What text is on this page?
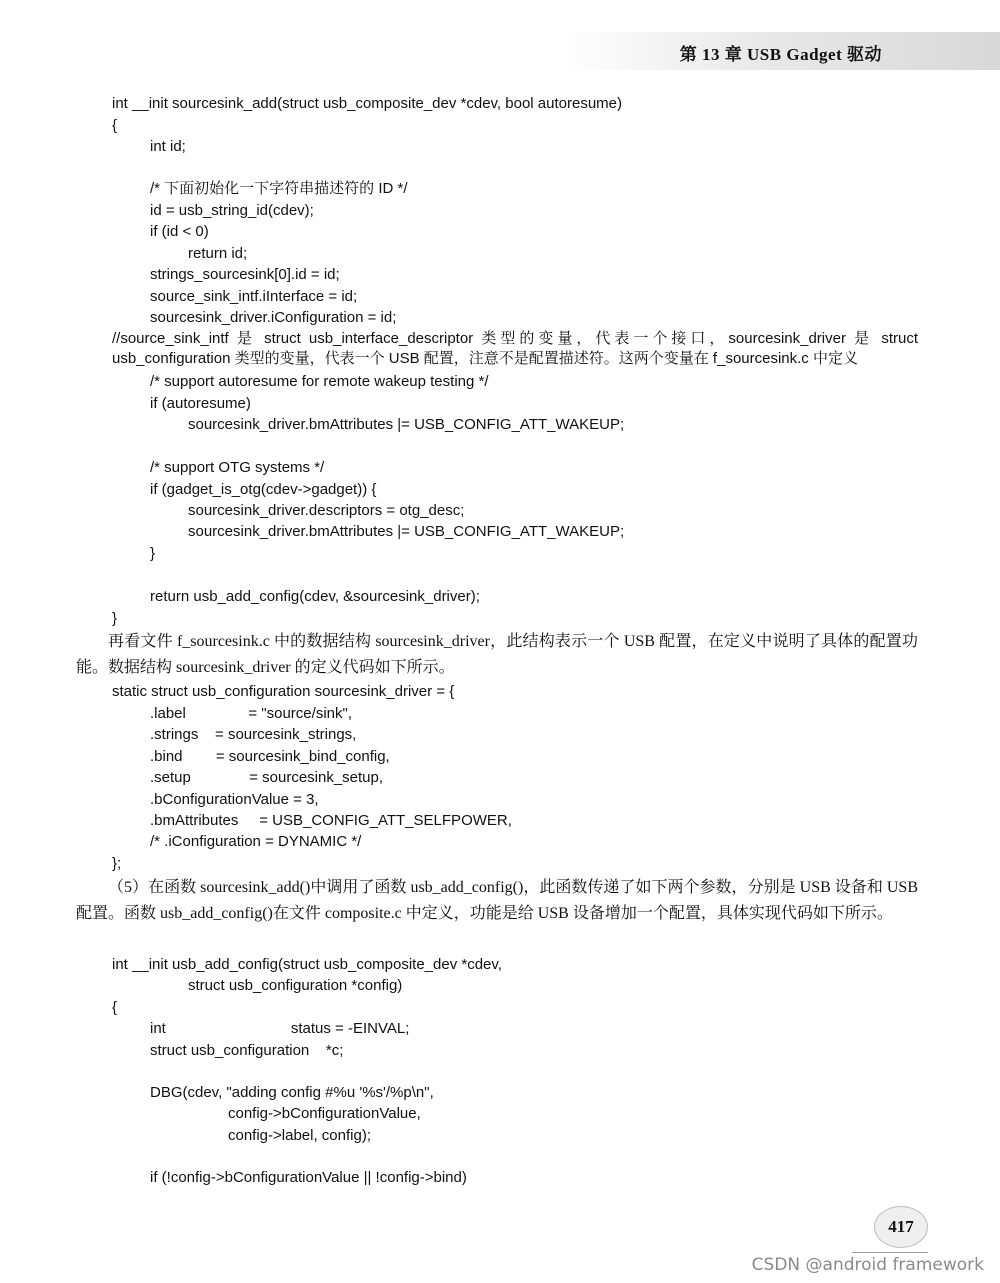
第 13 章 USB Gadget 驱动
int __init sourcesink_add(struct usb_composite_dev *cdev, bool autoresume)
{
int id;
/* 下面初始化一下字符串描述符的 ID */
id = usb_string_id(cdev);
if (id < 0)
return id;
strings_sourcesink[0].id = id;
source_sink_intf.iInterface = id;
sourcesink_driver.iConfiguration = id;
//source_sink_intf 是 struct usb_interface_descriptor 类型的变量，代表一个接口，sourcesink_driver 是 struct usb_configuration 类型的变量，代表一个 USB 配置，注意不是配置描述符。这两个变量在 f_sourcesink.c 中定义
/* support autoresume for remote wakeup testing */
if (autoresume)
sourcesink_driver.bmAttributes |= USB_CONFIG_ATT_WAKEUP;
/* support OTG systems */
if (gadget_is_otg(cdev->gadget)) {
sourcesink_driver.descriptors = otg_desc;
sourcesink_driver.bmAttributes |= USB_CONFIG_ATT_WAKEUP;
}
return usb_add_config(cdev, &sourcesink_driver);
}
再看文件 f_sourcesink.c 中的数据结构 sourcesink_driver，此结构表示一个 USB 配置，在定义中说明了具体的配置功能。数据结构 sourcesink_driver 的定义代码如下所示。
static struct usb_configuration sourcesink_driver = {
.label               = "source/sink",
.strings    = sourcesink_strings,
.bind        = sourcesink_bind_config,
.setup              = sourcesink_setup,
.bConfigurationValue = 3,
.bmAttributes     = USB_CONFIG_ATT_SELFPOWER,
/* .iConfiguration = DYNAMIC */
};
（5）在函数 sourcesink_add()中调用了函数 usb_add_config()，此函数传递了如下两个参数，分别是 USB 设备和 USB 配置。函数 usb_add_config()在文件 composite.c 中定义，功能是给 USB 设备增加一个配置，具体实现代码如下所示。
int __init usb_add_config(struct usb_composite_dev *cdev,
struct usb_configuration *config)
{
int                              status = -EINVAL;
struct usb_configuration    *c;
DBG(cdev, "adding config #%u '%s'/%p\n",
config->bConfigurationValue,
config->label, config);
if (!config->bConfigurationValue || !config->bind)
417
CSDN @android framework
